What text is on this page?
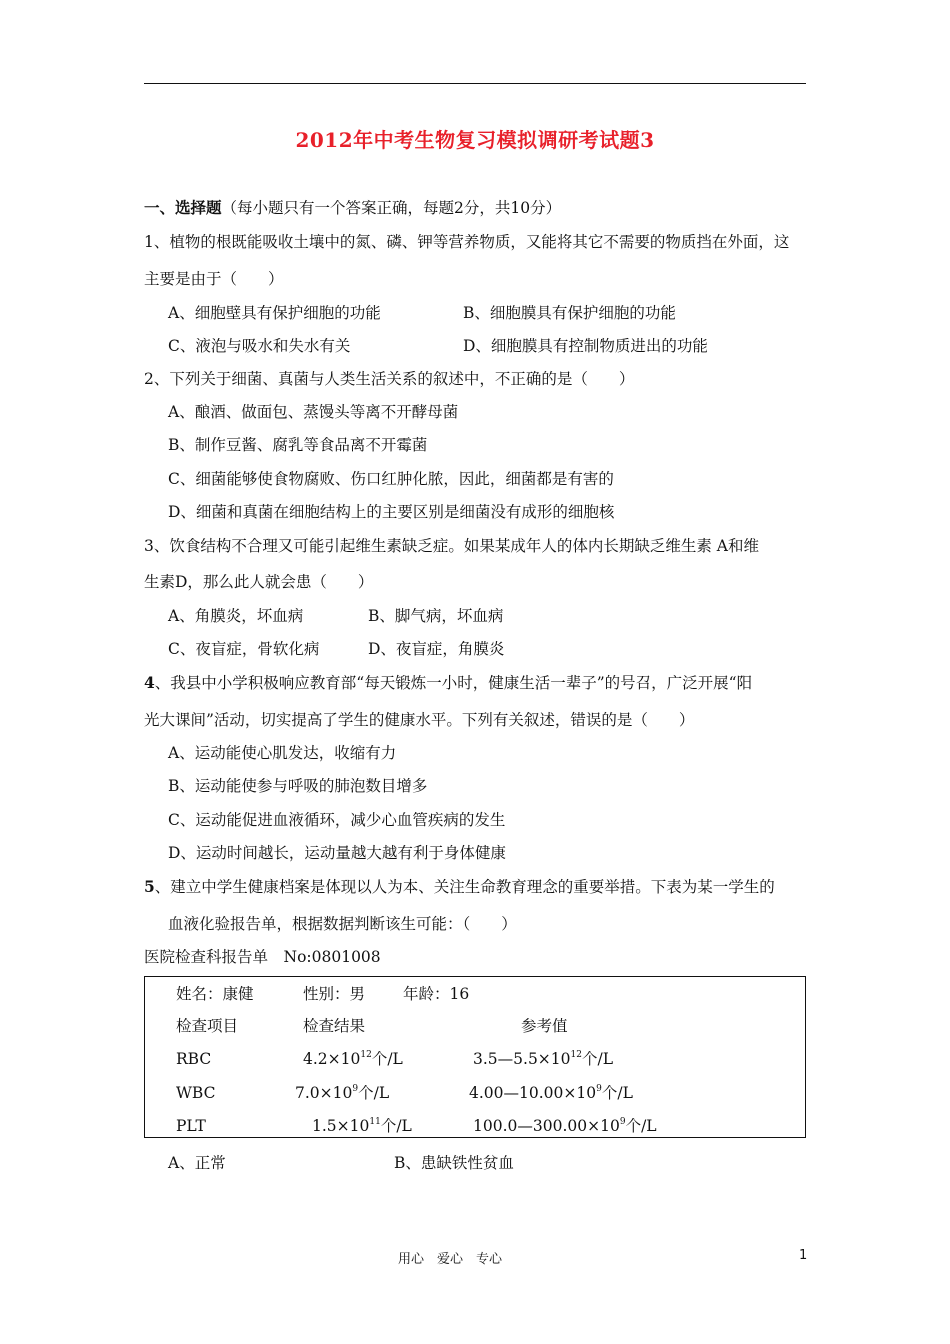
2012年中考生物复习模拟调研考试题3
一、选择题（每小题只有一个答案正确，每题2分，共10分）
1、植物的根既能吸收土壤中的氮、磷、钾等营养物质，又能将其它不需要的物质挡在外面，这
主要是由于（　　）
A、细胞壁具有保护细胞的功能	B、细胞膜具有保护细胞的功能
C、液泡与吸水和失水有关	D、细胞膜具有控制物质进出的功能
2、下列关于细菌、真菌与人类生活关系的叙述中，不正确的是（　　）
A、酿酒、做面包、蒸馒头等离不开酵母菌
B、制作豆酱、腐乳等食品离不开霉菌
C、细菌能够使食物腐败、伤口红肿化脓，因此，细菌都是有害的
D、细菌和真菌在细胞结构上的主要区别是细菌没有成形的细胞核
3、饮食结构不合理又可能引起维生素缺乏症。如果某成年人的体内长期缺乏维生素 A和维
生素D，那么此人就会患（　　）
A、角膜炎，坏血病	B、脚气病，坏血病
C、夜盲症，骨软化病	D、夜盲症，角膜炎
4、我县中小学积极响应教育部“每天锻炼一小时，健康生活一辈子”的号召，广泛开展“阳
光大课间”活动，切实提高了学生的健康水平。下列有关叙述，错误的是（　　）
A、运动能使心肌发达，收缩有力
B、运动能使参与呼吸的肺泡数目增多
C、运动能促进血液循环，减少心血管疾病的发生
D、运动时间越长，运动量越大越有利于身体健康
5、建立中学生健康档案是体现以人为本、关注生命教育理念的重要举措。下表为某一学生的
血液化验报告单，根据数据判断该生可能：（　　）
医院检查科报告单　No:0801008
姓名：康健	性别：男 年龄：16
检查项目	检查结果	参考值
RBC	$4.2\times 10^{12}$个/L	$3.5—5.5\times 10^{12}$个/L
WBC	$7.0\times 10^9$个/L	$4.00—10.00\times 10^9$个/L
PLT	$1.5\times 10^{11}$个/L	$100.0—300.00\times 10^9$个/L
A、正常	B、患缺铁性贫血
用心　爱心　专心	1
